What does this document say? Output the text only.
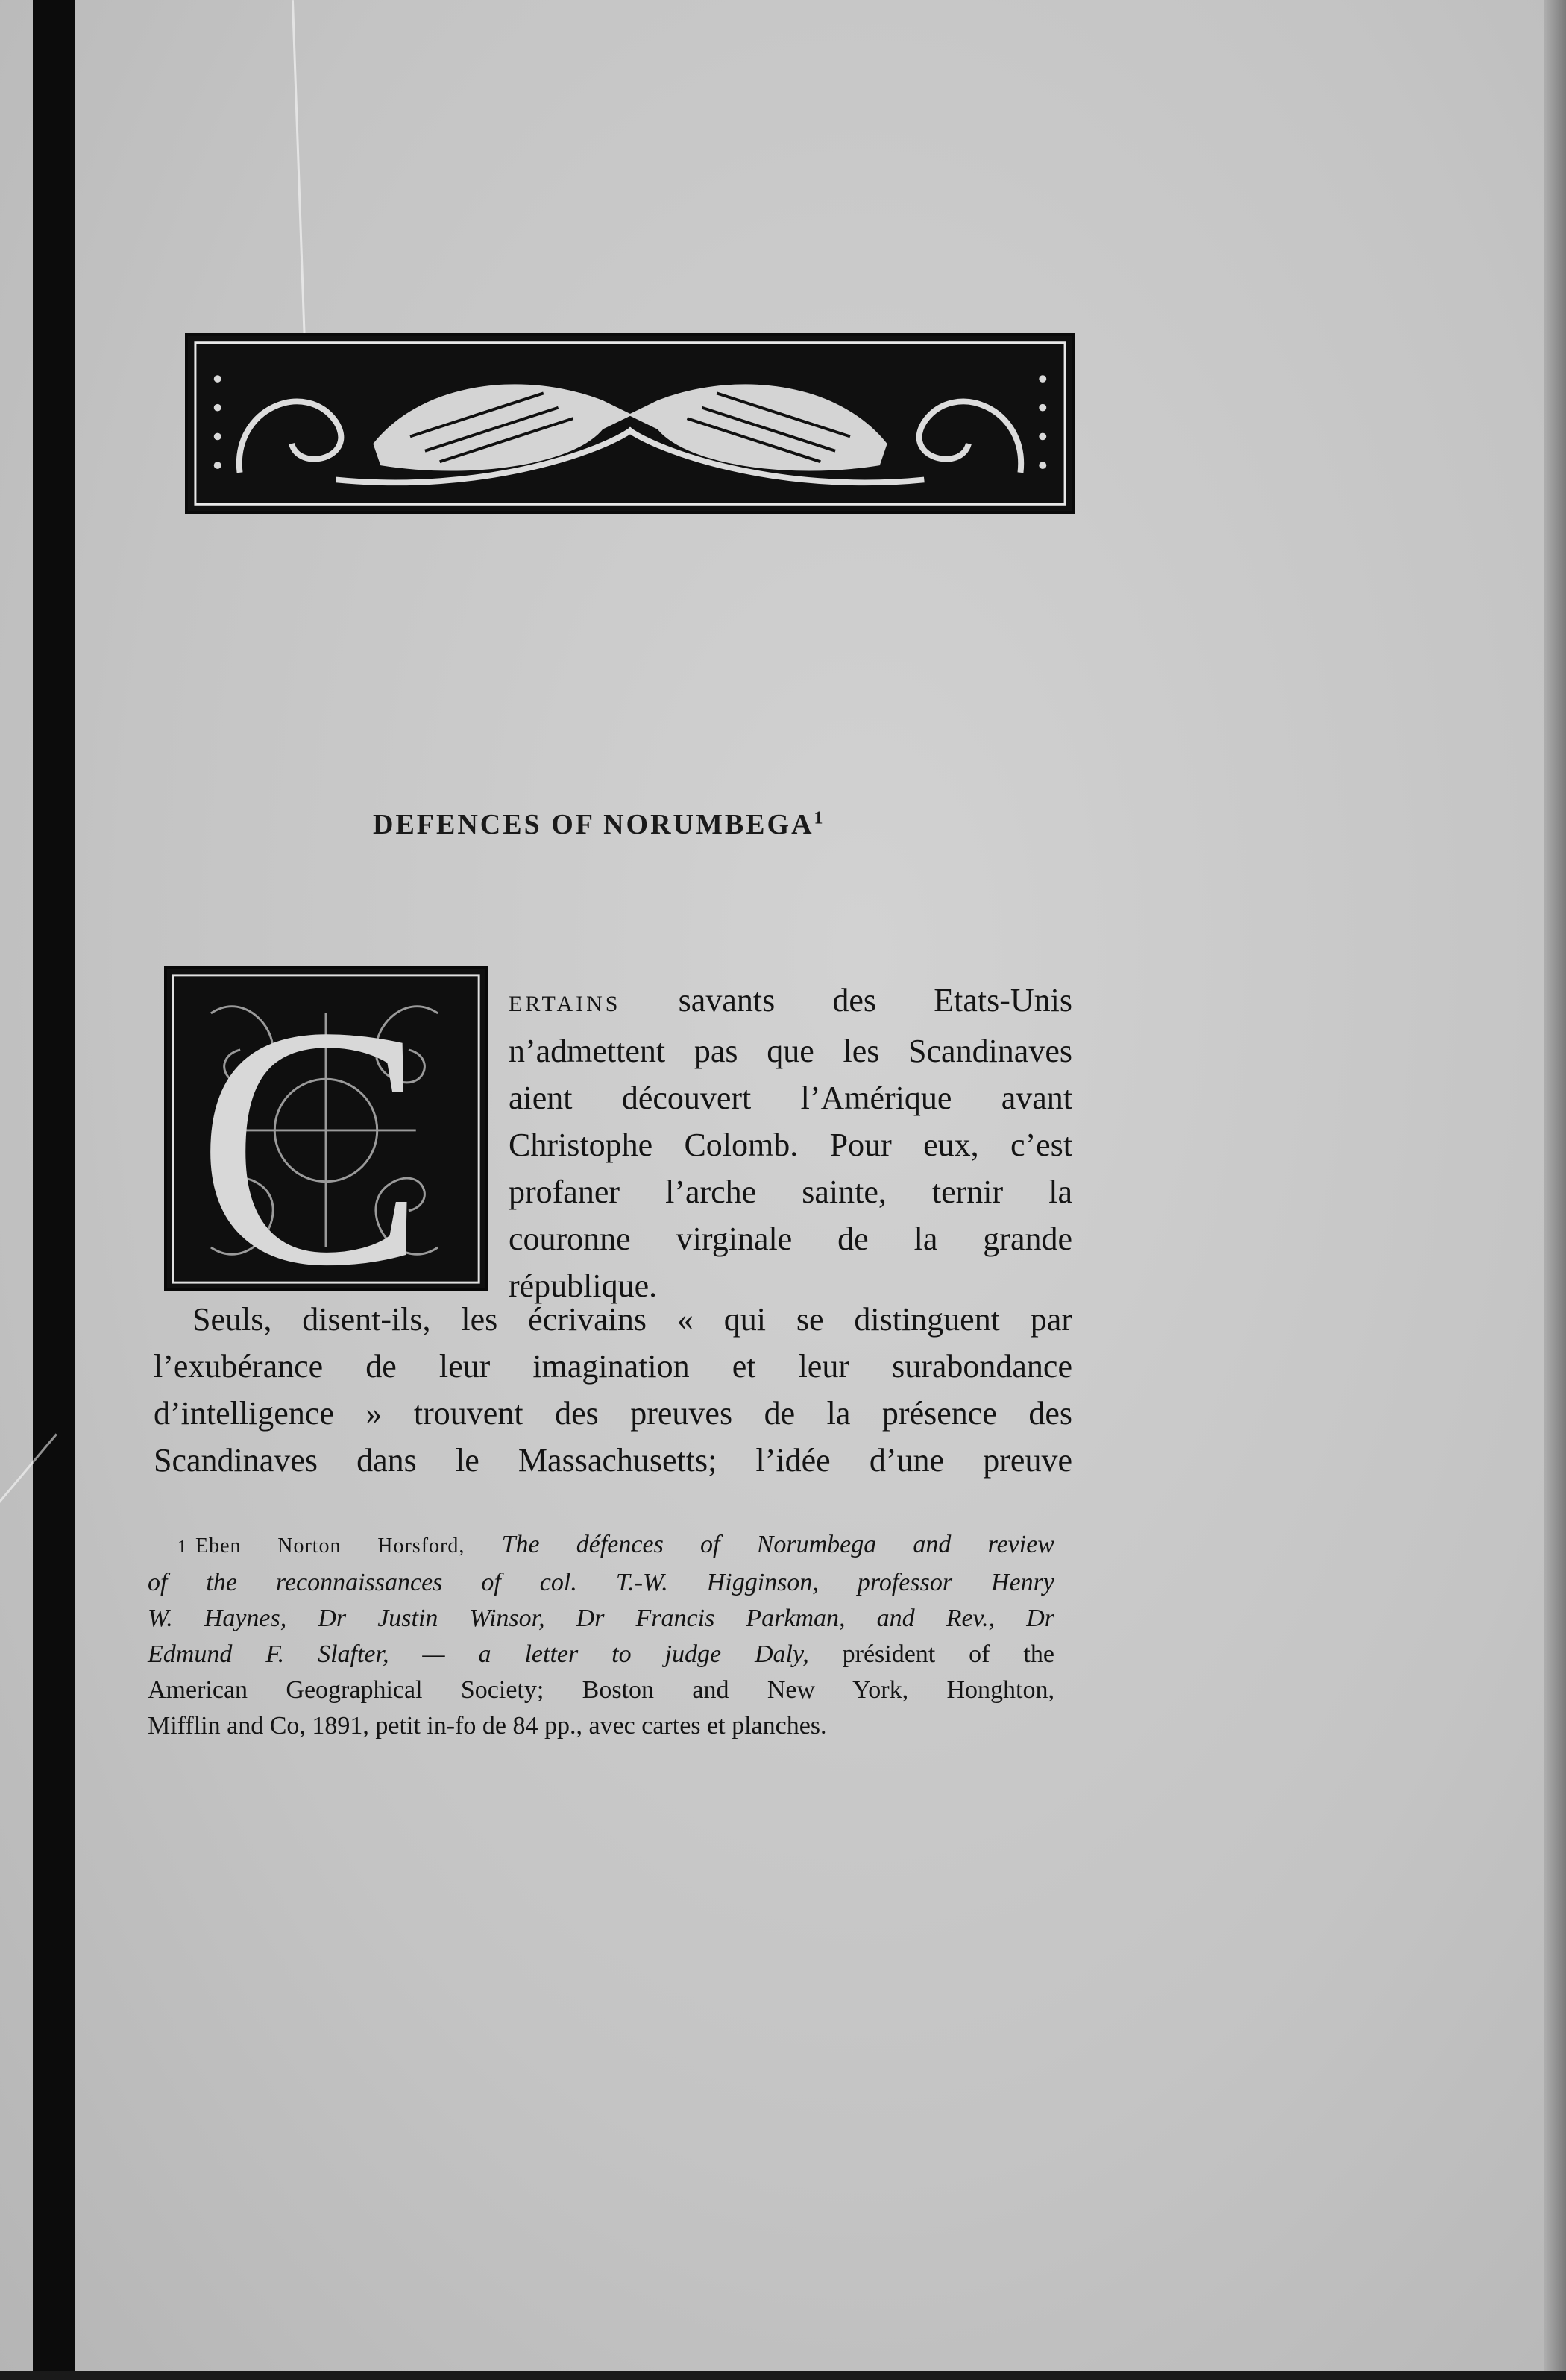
DEFENCES OF NORUMBEGA$^1$
C	ERTAINS savants des Etats-Unis
n’admettent pas que les Scandinaves
aient découvert l’Amérique avant
Christophe Colomb. Pour eux, c’est
profaner l’arche sainte, ternir la
couronne virginale de la grande
république.
Seuls, disent-ils, les écrivains « qui se distinguent par
l’exubérance de leur imagination et leur surabondance
d’intelligence » trouvent des preuves de la présence des
Scandinaves dans le Massachusetts; l’idée d’une preuve
1 Eben Norton Horsford, The défences of Norumbega and review
of the reconnaissances of col. T.-W. Higginson, professor Henry
W. Haynes, Dr Justin Winsor, Dr Francis Parkman, and Rev., Dr
Edmund F. Slafter, — a letter to judge Daly, président of the
American Geographical Society; Boston and New York, Honghton,
Mifflin and Co, 1891, petit in-fo de 84 pp., avec cartes et planches.
